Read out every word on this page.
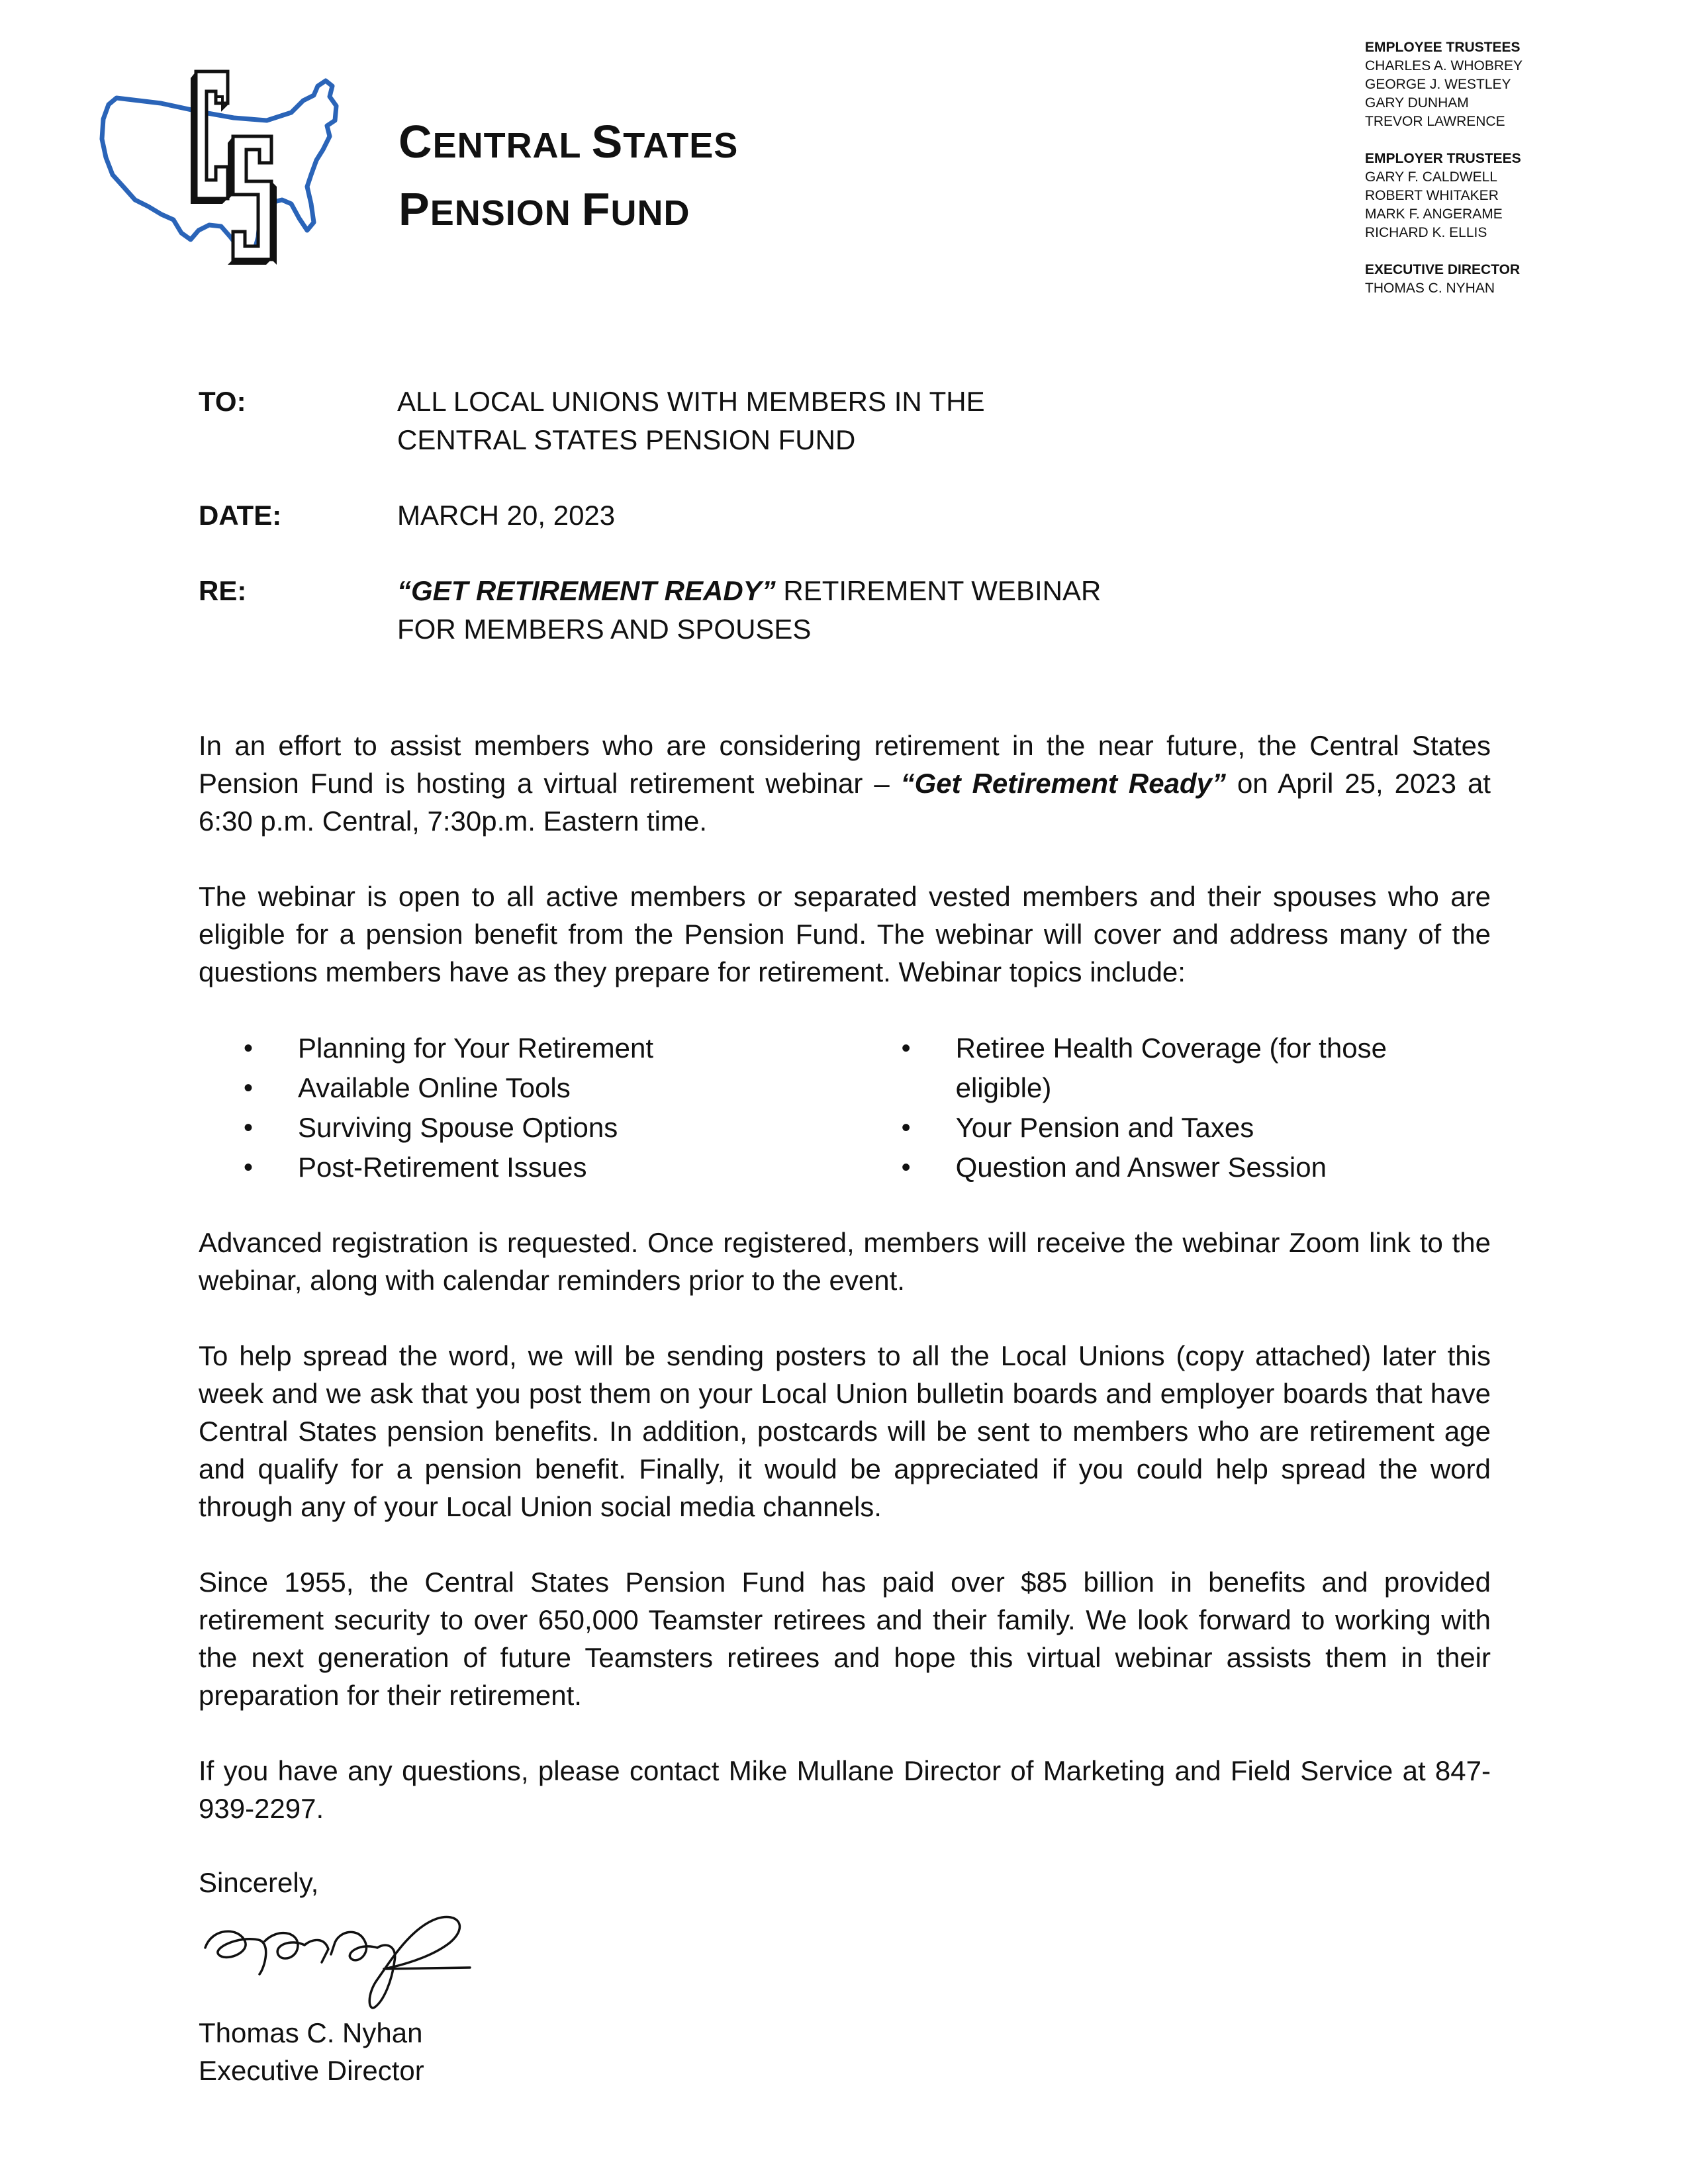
CENTRAL STATES
PENSION FUND
EMPLOYEE TRUSTEES
CHARLES A. WHOBREY
GEORGE J. WESTLEY
GARY DUNHAM
TREVOR LAWRENCE
EMPLOYER TRUSTEES
GARY F. CALDWELL
ROBERT WHITAKER
MARK F. ANGERAME
RICHARD K. ELLIS
EXECUTIVE DIRECTOR
THOMAS C. NYHAN
TO:	ALL LOCAL UNIONS WITH MEMBERS IN THE
CENTRAL STATES PENSION FUND
DATE:	MARCH 20, 2023
RE:	“GET RETIREMENT READY” RETIREMENT WEBINAR
FOR MEMBERS AND SPOUSES

In an effort to assist members who are considering retirement in the near future, the Central States Pension Fund is hosting a virtual retirement webinar – “Get Retirement Ready” on April 25, 2023 at 6:30 p.m. Central, 7:30p.m. Eastern time.

The webinar is open to all active members or separated vested members and their spouses who are eligible for a pension benefit from the Pension Fund. The webinar will cover and address many of the questions members have as they prepare for retirement. Webinar topics include:

• Planning for Your Retirement
• Available Online Tools
• Surviving Spouse Options
• Post-Retirement Issues
• Retiree Health Coverage (for those eligible)
• Your Pension and Taxes
• Question and Answer Session

Advanced registration is requested. Once registered, members will receive the webinar Zoom link to the webinar, along with calendar reminders prior to the event.

To help spread the word, we will be sending posters to all the Local Unions (copy attached) later this week and we ask that you post them on your Local Union bulletin boards and employer boards that have Central States pension benefits. In addition, postcards will be sent to members who are retirement age and qualify for a pension benefit. Finally, it would be appreciated if you could help spread the word through any of your Local Union social media channels.

Since 1955, the Central States Pension Fund has paid over $85 billion in benefits and provided retirement security to over 650,000 Teamster retirees and their family. We look forward to working with the next generation of future Teamsters retirees and hope this virtual webinar assists them in their preparation for their retirement.

If you have any questions, please contact Mike Mullane Director of Marketing and Field Service at 847-939-2297.

Sincerely,
Thomas C. Nyhan
Executive Director
